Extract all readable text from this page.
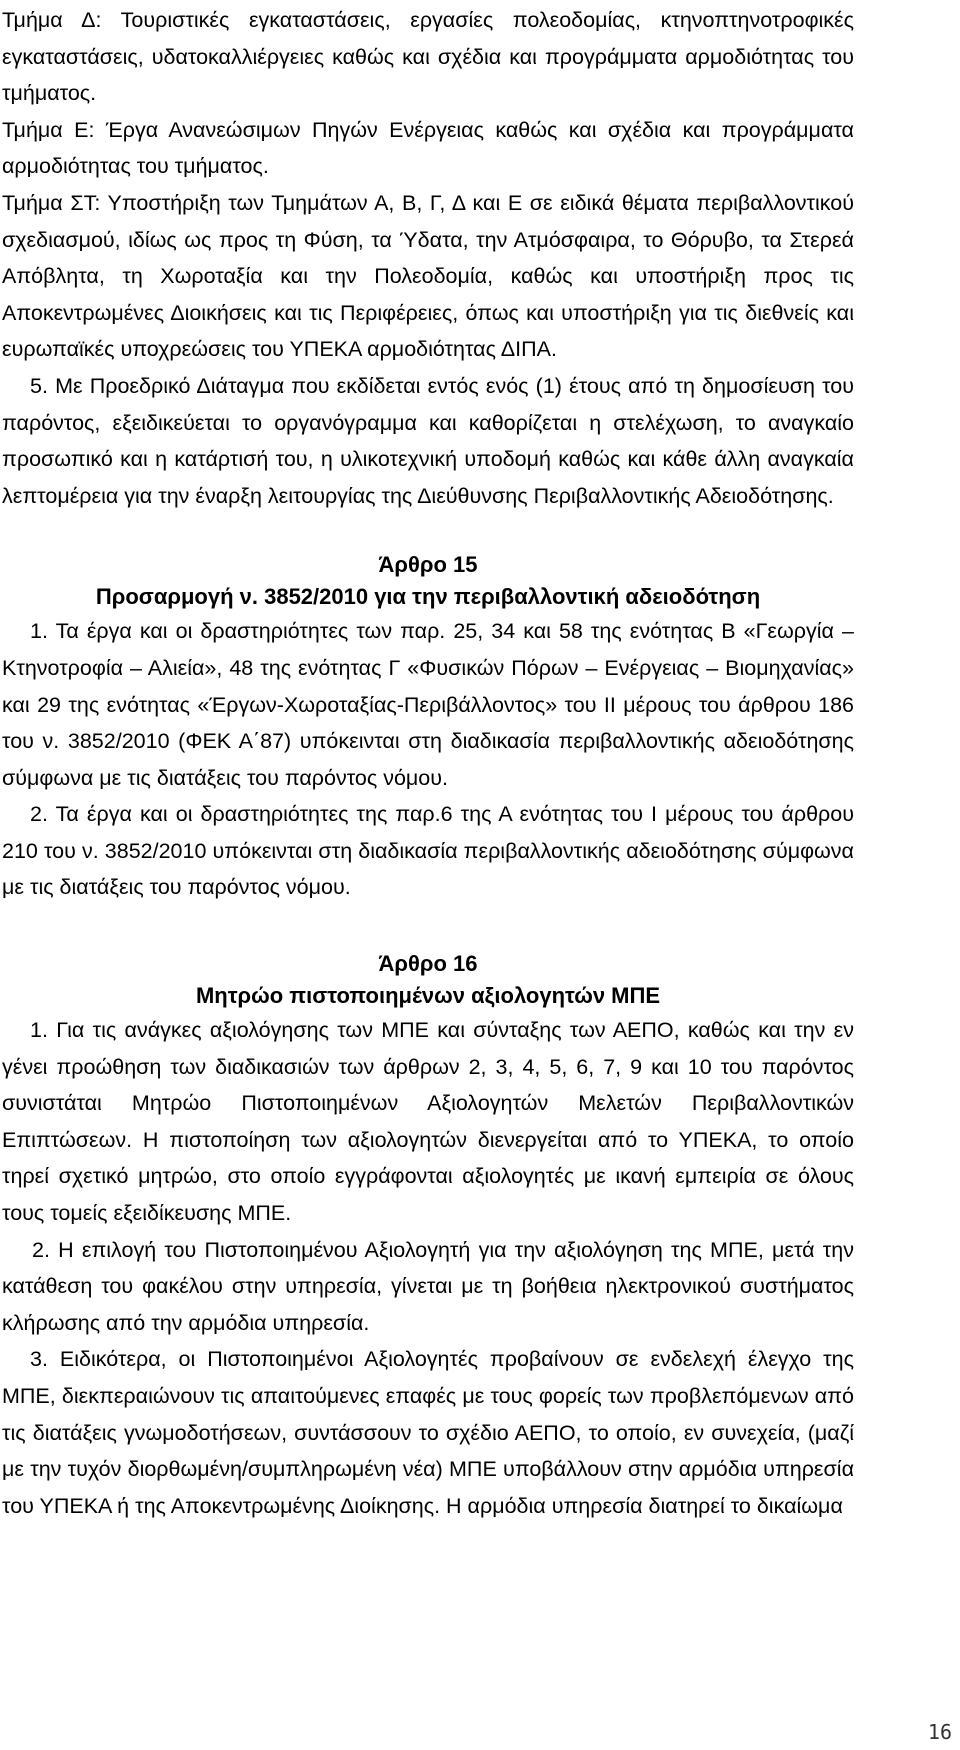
Τμήμα Δ: Τουριστικές εγκαταστάσεις, εργασίες πολεοδομίας, κτηνοπτηνοτροφικές εγκαταστάσεις, υδατοκαλλιέργειες καθώς και σχέδια και προγράμματα αρμοδιότητας του τμήματος.

Τμήμα Ε: Έργα Ανανεώσιμων Πηγών Ενέργειας καθώς και σχέδια και προγράμματα αρμοδιότητας του τμήματος.

Τμήμα ΣΤ: Υποστήριξη των Τμημάτων Α, Β, Γ, Δ και Ε σε ειδικά θέματα περιβαλλοντικού σχεδιασμού, ιδίως ως προς τη Φύση, τα Ύδατα, την Ατμόσφαιρα, το Θόρυβο, τα Στερεά Απόβλητα, τη Χωροταξία και την Πολεοδομία, καθώς και υποστήριξη προς τις Αποκεντρωμένες Διοικήσεις και τις Περιφέρειες, όπως και υποστήριξη για τις διεθνείς και ευρωπαϊκές υποχρεώσεις του ΥΠΕΚΑ αρμοδιότητας ΔΙΠΑ.

5. Με Προεδρικό Διάταγμα που εκδίδεται εντός ενός (1) έτους από τη δημοσίευση του παρόντος, εξειδικεύεται το οργανόγραμμα και καθορίζεται η στελέχωση, το αναγκαίο προσωπικό και η κατάρτισή του, η υλικοτεχνική υποδομή καθώς και κάθε άλλη αναγκαία λεπτομέρεια για την έναρξη λειτουργίας της Διεύθυνσης Περιβαλλοντικής Αδειοδότησης.

Άρθρο 15
Προσαρμογή ν. 3852/2010 για την περιβαλλοντική αδειοδότηση

1. Τα έργα και οι δραστηριότητες των παρ. 25, 34 και 58 της ενότητας Β «Γεωργία – Κτηνοτροφία – Αλιεία», 48 της ενότητας Γ «Φυσικών Πόρων – Ενέργειας – Βιομηχανίας» και 29 της ενότητας «Έργων-Χωροταξίας-Περιβάλλοντος» του ΙΙ μέρους του άρθρου 186 του ν. 3852/2010 (ΦΕΚ Α΄87) υπόκεινται στη διαδικασία περιβαλλοντικής αδειοδότησης σύμφωνα με τις διατάξεις του παρόντος νόμου.

2. Τα έργα και οι δραστηριότητες της παρ.6 της Α ενότητας του Ι μέρους του άρθρου 210 του ν. 3852/2010 υπόκεινται στη διαδικασία περιβαλλοντικής αδειοδότησης σύμφωνα με τις διατάξεις του παρόντος νόμου.

Άρθρο 16
Μητρώο πιστοποιημένων αξιολογητών ΜΠΕ

1. Για τις ανάγκες αξιολόγησης των ΜΠΕ και σύνταξης των ΑΕΠΟ, καθώς και την εν γένει προώθηση των διαδικασιών των άρθρων 2, 3, 4, 5, 6, 7, 9 και 10 του παρόντος συνιστάται Μητρώο Πιστοποιημένων Αξιολογητών Μελετών Περιβαλλοντικών Επιπτώσεων. Η πιστοποίηση των αξιολογητών διενεργείται από το ΥΠΕΚΑ, το οποίο τηρεί σχετικό μητρώο, στο οποίο εγγράφονται αξιολογητές με ικανή εμπειρία σε όλους τους τομείς εξειδίκευσης ΜΠΕ.

2. Η επιλογή του Πιστοποιημένου Αξιολογητή για την αξιολόγηση της ΜΠΕ, μετά την κατάθεση του φακέλου στην υπηρεσία, γίνεται με τη βοήθεια ηλεκτρονικού συστήματος κλήρωσης από την αρμόδια υπηρεσία.

3. Ειδικότερα, οι Πιστοποιημένοι Αξιολογητές προβαίνουν σε ενδελεχή έλεγχο της ΜΠΕ, διεκπεραιώνουν τις απαιτούμενες επαφές με τους φορείς των προβλεπόμενων από τις διατάξεις γνωμοδοτήσεων, συντάσσουν το σχέδιο ΑΕΠΟ, το οποίο, εν συνεχεία, (μαζί με την τυχόν διορθωμένη/συμπληρωμένη νέα) ΜΠΕ υποβάλλουν στην αρμόδια υπηρεσία του ΥΠΕΚΑ ή της Αποκεντρωμένης Διοίκησης. Η αρμόδια υπηρεσία διατηρεί το δικαίωμα

16
